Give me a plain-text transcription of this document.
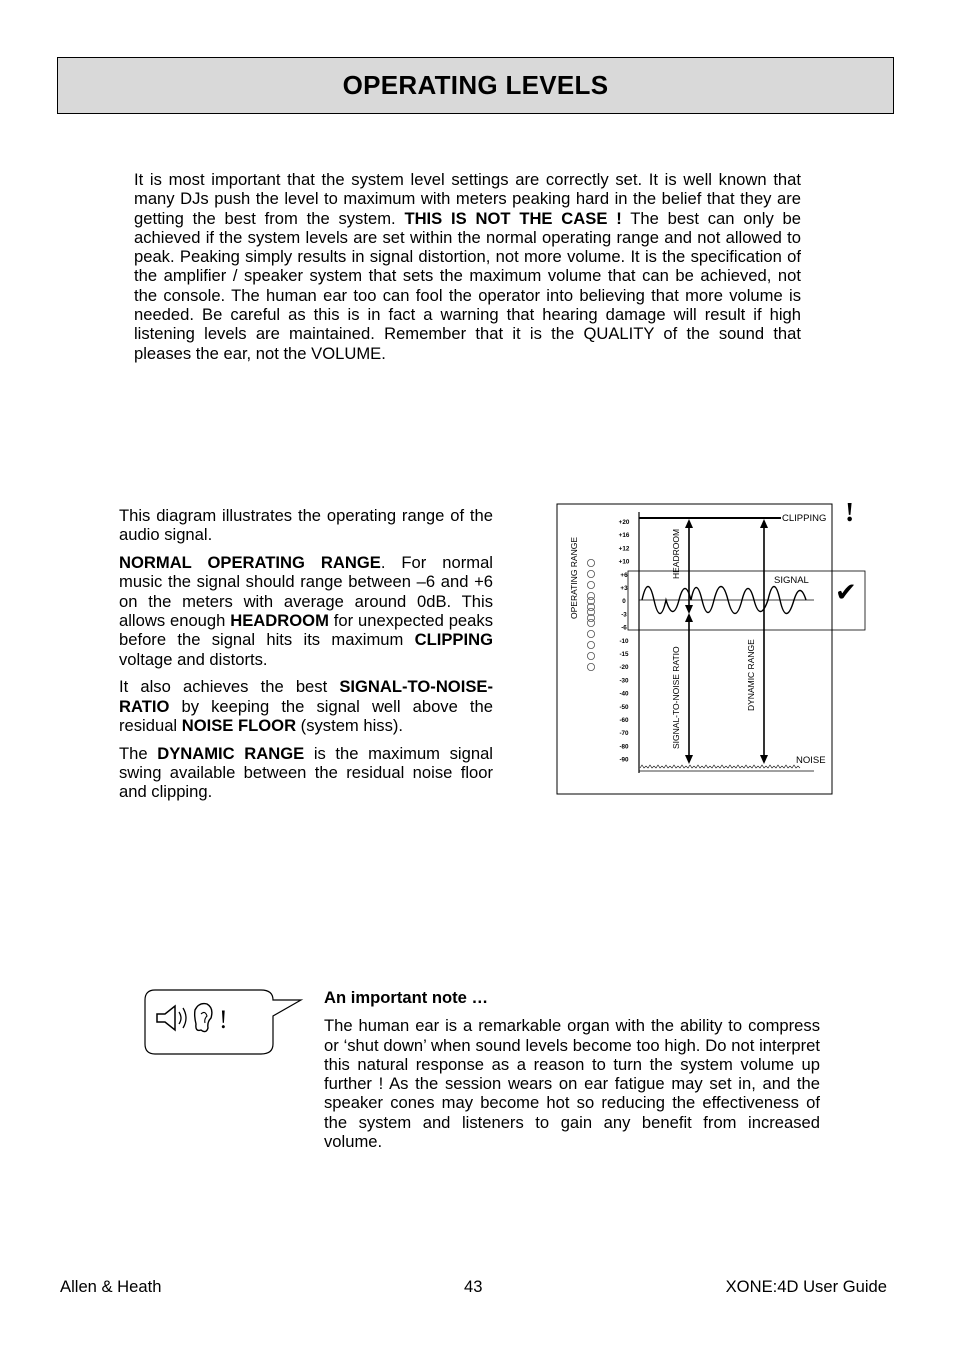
OPERATING LEVELS

It is most important that the system level settings are correctly set. It is well known that many DJs push the level to maximum with meters peaking hard in the belief that they are getting the best from the system. THIS IS NOT THE CASE ! The best can only be achieved if the system levels are set within the normal operating range and not allowed to peak. Peaking simply results in signal distortion, not more volume. It is the specification of the amplifier / speaker system that sets the maximum volume that can be achieved, not the console. The human ear too can fool the operator into believing that more volume is needed. Be careful as this is in fact a warning that hearing damage will result if high listening levels are maintained. Remember that it is the QUALITY of the sound that pleases the ear, not the VOLUME.

This diagram illustrates the operating range of the audio signal.

NORMAL OPERATING RANGE. For normal music the signal should range between –6 and +6 on the meters with average around 0dB. This allows enough HEADROOM for unexpected peaks before the signal hits its maximum CLIPPING voltage and distorts.

It also achieves the best SIGNAL-TO-NOISE-RATIO by keeping the signal well above the residual NOISE FLOOR (system hiss).

The DYNAMIC RANGE is the maximum signal swing available between the residual noise floor and clipping.

+20
+16
+12
+10
+6
+3
0
-3
-6
-10
-15
-20
-30
-40
-50
-60
-70
-80
-90
OPERATING RANGE
CLIPPING
HEADROOM
SIGNAL-TO-NOISE RATIO	DYNAMIC RANGE
SIGNAL
NOISE
!
✔
!

An important note …

The human ear is a remarkable organ with the ability to compress or ‘shut down’ when sound levels become too high. Do not interpret this natural response as a reason to turn the system volume up further ! As the session wears on ear fatigue may set in, and the speaker cones may become hot so reducing the effectiveness of the system and listeners to gain any benefit from increased volume.

Allen & Heath	43	XONE:4D User Guide
